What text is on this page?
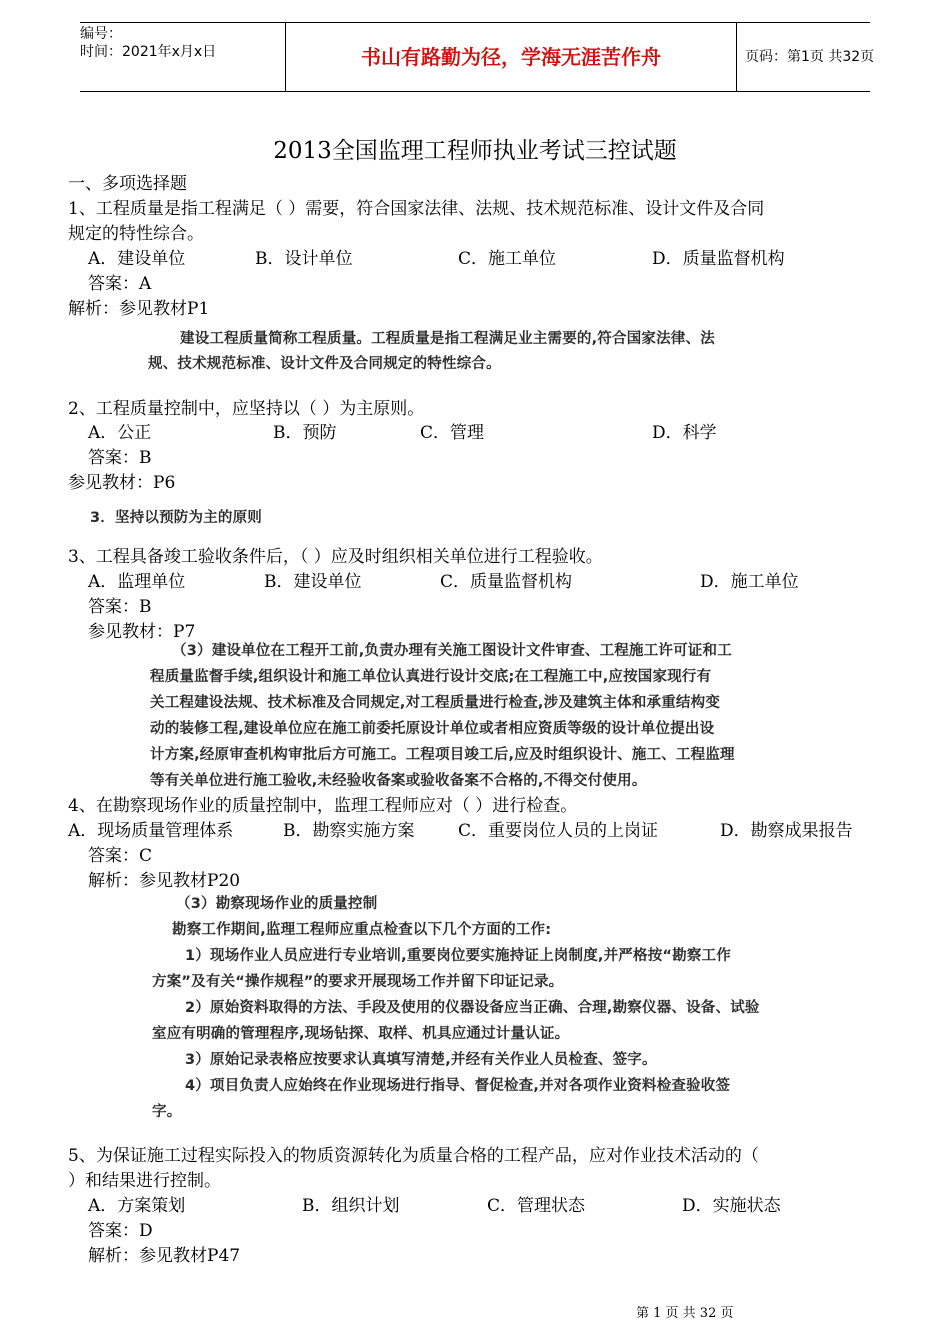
编号：
时间：2021年x月x日	书山有路勤为径，学海无涯苦作舟	页码：第1页 共32页
2013全国监理工程师执业考试三控试题
一、多项选择题
1、工程质量是指工程满足（ ）需要，符合国家法律、法规、技术规范标准、设计文件及合同
规定的特性综合。
A．建设单位	B．设计单位	C．施工单位	D．质量监督机构
答案：A
解析：参见教材P1
建设工程质量简称工程质量。工程质量是指工程满足业主需要的,符合国家法律、法
规、技术规范标准、设计文件及合同规定的特性综合。
2、工程质量控制中，应坚持以（ ）为主原则。
A．公正	B．预防	C．管理	D．科学
答案：B
参见教材：P6
3．坚持以预防为主的原则
3、工程具备竣工验收条件后，（ ）应及时组织相关单位进行工程验收。
A．监理单位	B．建设单位	C．质量监督机构	D．施工单位
答案：B
参见教材：P7
（3）建设单位在工程开工前,负责办理有关施工图设计文件审查、工程施工许可证和工
程质量监督手续,组织设计和施工单位认真进行设计交底;在工程施工中,应按国家现行有
关工程建设法规、技术标准及合同规定,对工程质量进行检查,涉及建筑主体和承重结构变
动的装修工程,建设单位应在施工前委托原设计单位或者相应资质等级的设计单位提出设
计方案,经原审查机构审批后方可施工。工程项目竣工后,应及时组织设计、施工、工程监理
等有关单位进行施工验收,未经验收备案或验收备案不合格的,不得交付使用。
4、在勘察现场作业的质量控制中，监理工程师应对（ ）进行检查。
A．现场质量管理体系	B．勘察实施方案	C．重要岗位人员的上岗证	D．勘察成果报告
答案：C
解析：参见教材P20
（3）勘察现场作业的质量控制
勘察工作期间,监理工程师应重点检查以下几个方面的工作:
1）现场作业人员应进行专业培训,重要岗位要实施持证上岗制度,并严格按“勘察工作
方案”及有关“操作规程”的要求开展现场工作并留下印证记录。
2）原始资料取得的方法、手段及使用的仪器设备应当正确、合理,勘察仪器、设备、试验
室应有明确的管理程序,现场钻探、取样、机具应通过计量认证。
3）原始记录表格应按要求认真填写清楚,并经有关作业人员检查、签字。
4）项目负责人应始终在作业现场进行指导、督促检查,并对各项作业资料检查验收签
字。
5、为保证施工过程实际投入的物质资源转化为质量合格的工程产品，应对作业技术活动的（
）和结果进行控制。
A．方案策划	B．组织计划	C．管理状态	D．实施状态
答案：D
解析：参见教材P47
第 1 页 共 32 页
